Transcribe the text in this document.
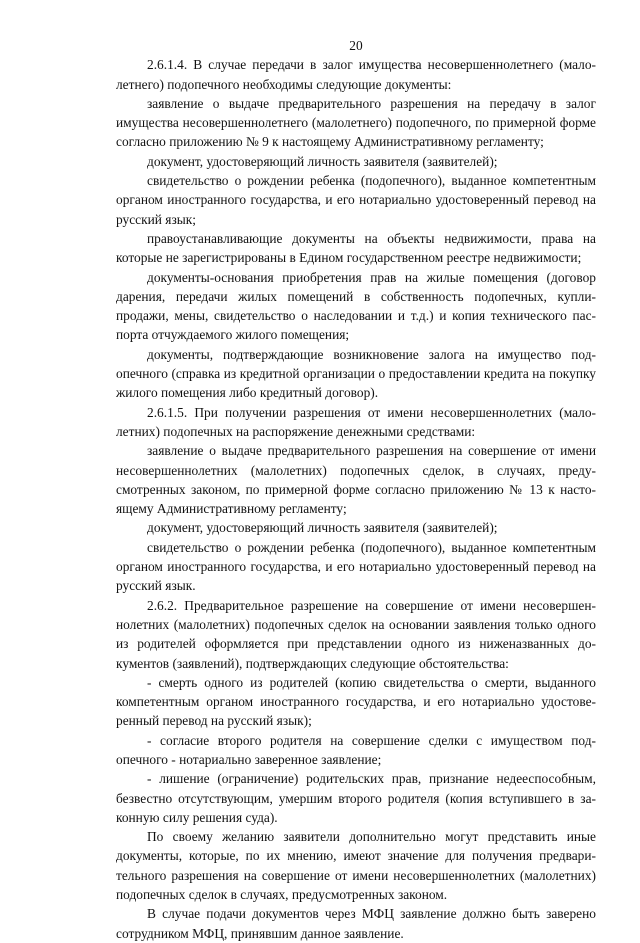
20

2.6.1.4. В случае передачи в залог имущества несовершеннолетнего (малолетнего) подопечного необходимы следующие документы:

заявление о выдаче предварительного разрешения на передачу в залог имущества несовершеннолетнего (малолетнего) подопечного, по примерной форме согласно приложению № 9 к настоящему Административному регламенту;

документ, удостоверяющий личность заявителя (заявителей);

свидетельство о рождении ребенка (подопечного), выданное компетентным органом иностранного государства, и его нотариально удостоверенный перевод на русский язык;

правоустанавливающие документы на объекты недвижимости, права на которые не зарегистрированы в Едином государственном реестре недвижимости;

документы-основания приобретения прав на жилые помещения (договор дарения, передачи жилых помещений в собственность подопечных, купли-продажи, мены, свидетельство о наследовании и т.д.) и копия технического паспорта отчуждаемого жилого помещения;

документы, подтверждающие возникновение залога на имущество подопечного (справка из кредитной организации о предоставлении кредита на покупку жилого помещения либо кредитный договор).

2.6.1.5. При получении разрешения от имени несовершеннолетних (малолетних) подопечных на распоряжение денежными средствами:

заявление о выдаче предварительного разрешения на совершение от имени несовершеннолетних (малолетних) подопечных сделок, в случаях, предусмотренных законом, по примерной форме согласно приложению № 13 к настоящему Административному регламенту;

документ, удостоверяющий личность заявителя (заявителей);

свидетельство о рождении ребенка (подопечного), выданное компетентным органом иностранного государства, и его нотариально удостоверенный перевод на русский язык.

2.6.2. Предварительное разрешение на совершение от имени несовершеннолетних (малолетних) подопечных сделок на основании заявления только одного из родителей оформляется при представлении одного из ниженазванных документов (заявлений), подтверждающих следующие обстоятельства:

- смерть одного из родителей (копию свидетельства о смерти, выданного компетентным органом иностранного государства, и его нотариально удостоверенный перевод на русский язык);

- согласие второго родителя на совершение сделки с имуществом подопечного - нотариально заверенное заявление;

- лишение (ограничение) родительских прав, признание недееспособным, безвестно отсутствующим, умершим второго родителя (копия вступившего в законную силу решения суда).

По своему желанию заявители дополнительно могут представить иные документы, которые, по их мнению, имеют значение для получения предварительного разрешения на совершение от имени несовершеннолетних (малолетних) подопечных сделок в случаях, предусмотренных законом.

В случае подачи документов через МФЦ заявление должно быть заверено сотрудником МФЦ, принявшим данное заявление.
